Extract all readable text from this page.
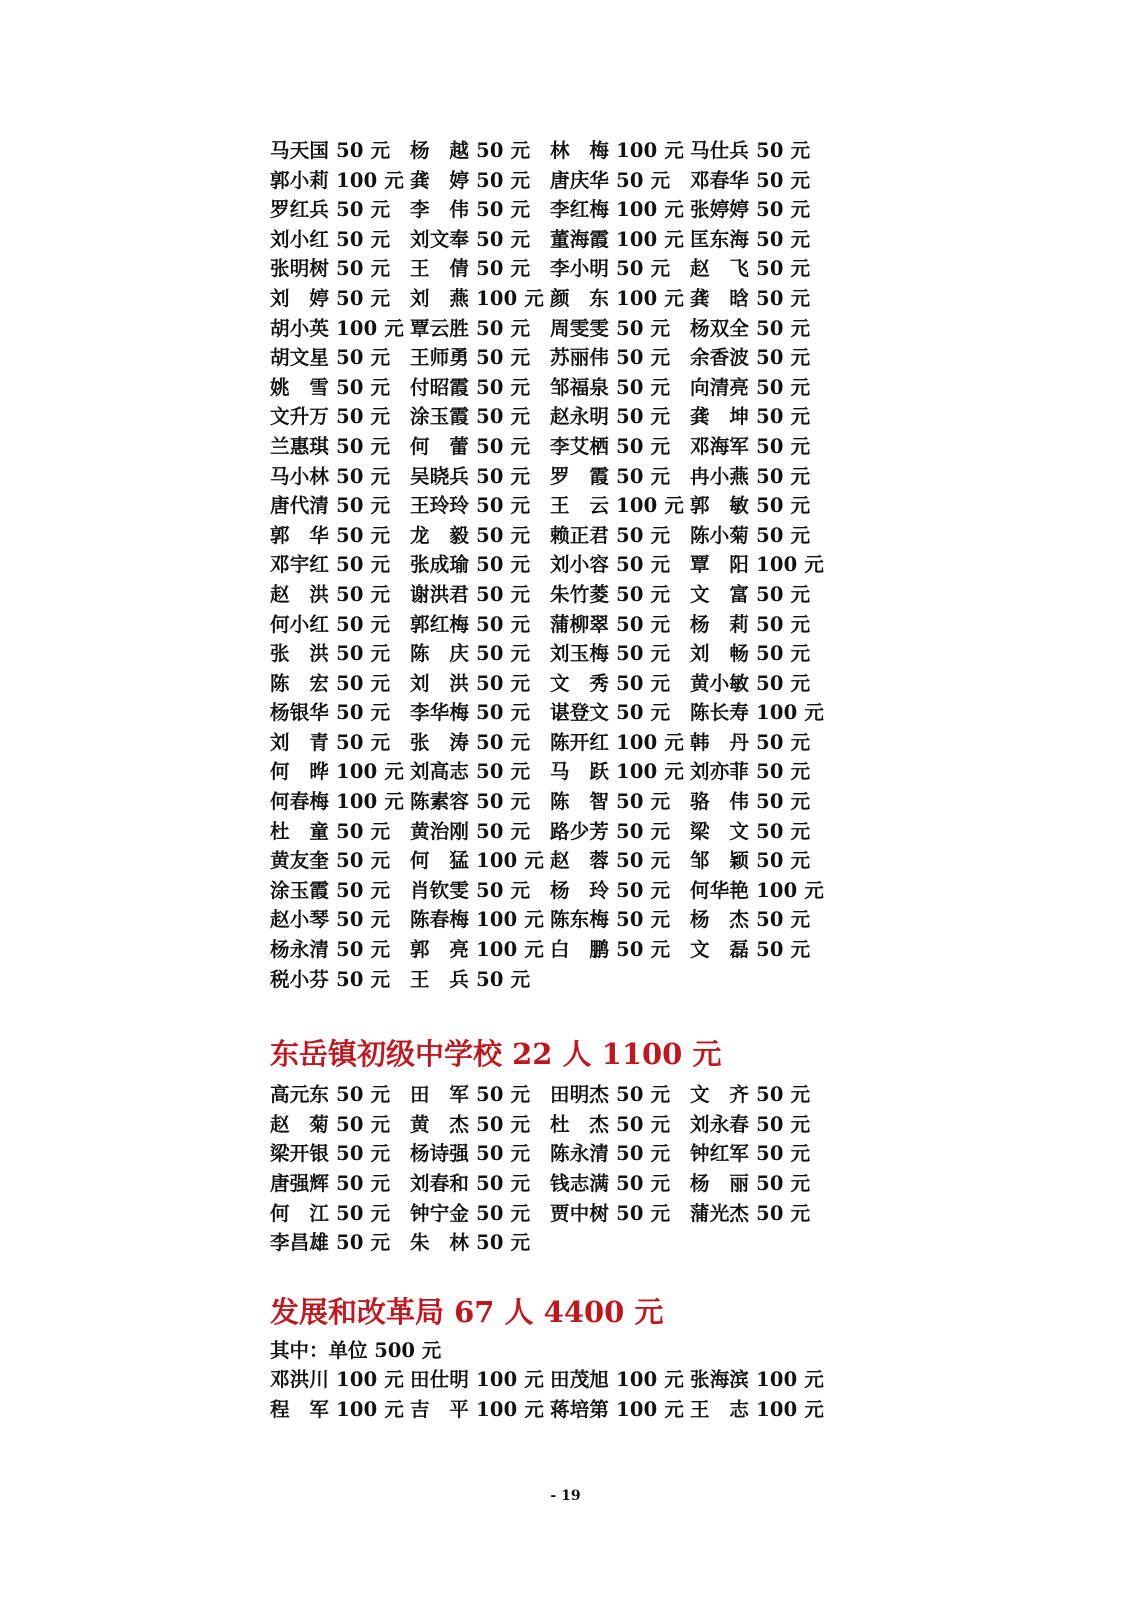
马天国 50 元	杨　越 50 元	林　梅 100 元 马仕兵 50 元
郭小莉 100 元 龚　婷 50 元	唐庆华 50 元	邓春华 50 元
罗红兵 50 元	李　伟 50 元	李红梅 100 元 张婷婷 50 元
刘小红 50 元	刘文奉 50 元	董海霞 100 元 匡东海 50 元
张明树 50 元	王　倩 50 元	李小明 50 元	赵　飞 50 元
刘　婷 50 元	刘　燕 100 元 颜　东 100 元 龚　晗 50 元
胡小英 100 元 覃云胜 50 元	周雯雯 50 元	杨双全 50 元
胡文星 50 元	王师勇 50 元	苏丽伟 50 元	余香波 50 元
姚　雪 50 元	付昭霞 50 元	邹福泉 50 元	向清亮 50 元
文升万 50 元	涂玉霞 50 元	赵永明 50 元	龚　坤 50 元
兰惠琪 50 元	何　蕾 50 元	李艾栖 50 元	邓海军 50 元
马小林 50 元	吴晓兵 50 元	罗　霞 50 元	冉小燕 50 元
唐代清 50 元	王玲玲 50 元	王　云 100 元 郭　敏 50 元
郭　华 50 元	龙　毅 50 元	赖正君 50 元	陈小菊 50 元
邓宇红 50 元	张成瑜 50 元	刘小容 50 元	覃　阳 100 元
赵　洪 50 元	谢洪君 50 元	朱竹菱 50 元	文　富 50 元
何小红 50 元	郭红梅 50 元	蒲柳翠 50 元	杨　莉 50 元
张　洪 50 元	陈　庆 50 元	刘玉梅 50 元	刘　畅 50 元
陈　宏 50 元	刘　洪 50 元	文　秀 50 元	黄小敏 50 元
杨银华 50 元	李华梅 50 元	谌登文 50 元	陈长寿 100 元
刘　青 50 元	张　涛 50 元	陈开红 100 元 韩　丹 50 元
何　晔 100 元 刘高志 50 元	马　跃 100 元 刘亦菲 50 元
何春梅 100 元 陈素容 50 元	陈　智 50 元	骆　伟 50 元
杜　童 50 元	黄治刚 50 元	路少芳 50 元	梁　文 50 元
黄友奎 50 元	何　猛 100 元 赵　蓉 50 元	邹　颖 50 元
涂玉霞 50 元	肖钦雯 50 元	杨　玲 50 元	何华艳 100 元
赵小琴 50 元	陈春梅 100 元 陈东梅 50 元	杨　杰 50 元
杨永清 50 元	郭　亮 100 元 白　鹏 50 元	文　磊 50 元
税小芬 50 元	王　兵 50 元
东岳镇初级中学校 22 人 1100 元
高元东 50 元	田　军 50 元	田明杰 50 元	文　齐 50 元
赵　菊 50 元	黄　杰 50 元	杜　杰 50 元	刘永春 50 元
梁开银 50 元	杨诗强 50 元	陈永清 50 元	钟红军 50 元
唐强辉 50 元	刘春和 50 元	钱志满 50 元	杨　丽 50 元
何　江 50 元	钟宁金 50 元	贾中树 50 元	蒲光杰 50 元
李昌雄 50 元	朱　林 50 元
发展和改革局 67 人 4400 元
其中：单位 500 元
邓洪川 100 元 田仕明 100 元 田茂旭 100 元 张海滨 100 元
程　军 100 元 吉　平 100 元 蒋培第 100 元 王　志 100 元
- 19
